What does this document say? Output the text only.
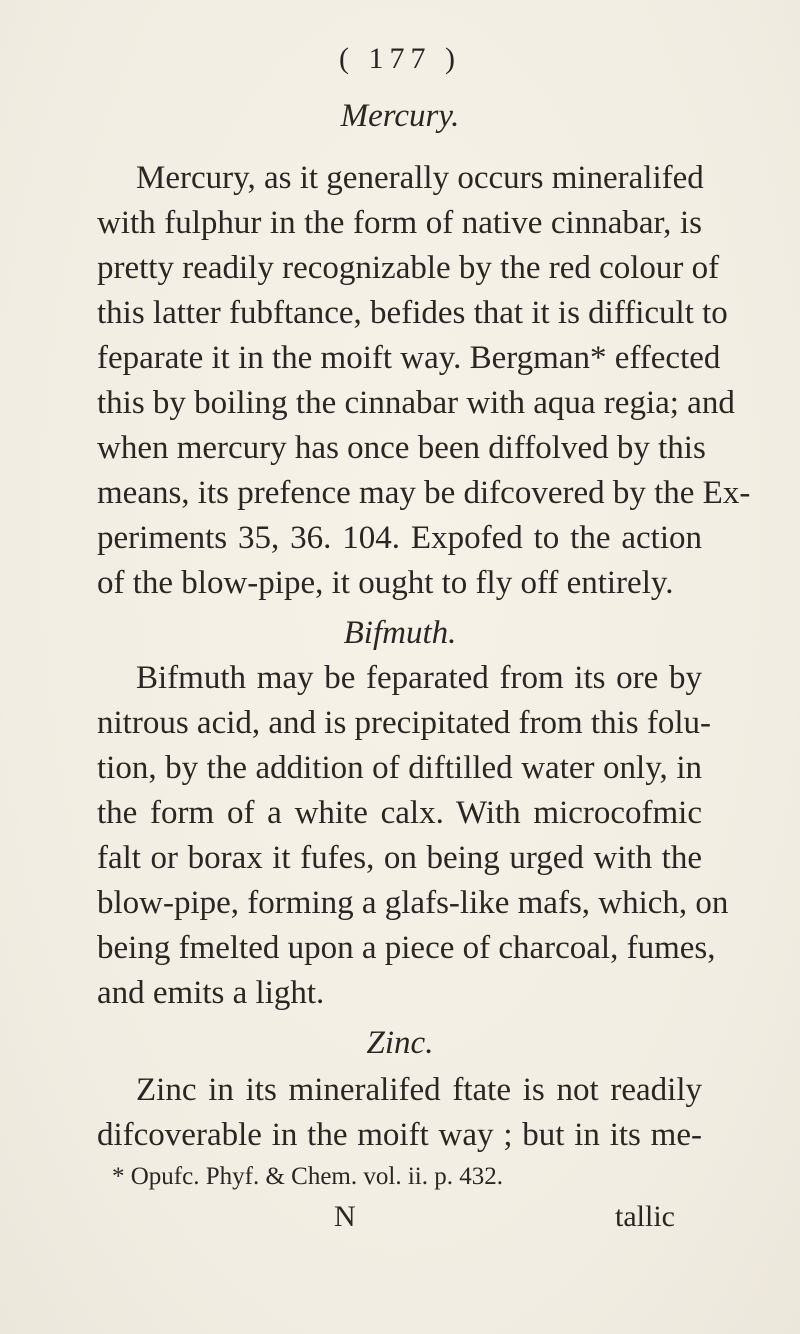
( 177 )
Mercury.
Mercury, as it generally occurs mineralifed
with fulphur in the form of native cinnabar, is
pretty readily recognizable by the red colour of
this latter fubftance, befides that it is difficult to
feparate it in the moift way. Bergman* effected
this by boiling the cinnabar with aqua regia; and
when mercury has once been diffolved by this
means, its prefence may be difcovered by the Ex-
periments 35, 36. 104. Expofed to the action
of the blow-pipe, it ought to fly off entirely.
Bifmuth.
Bifmuth may be feparated from its ore by
nitrous acid, and is precipitated from this folu-
tion, by the addition of diftilled water only, in
the form of a white calx. With microcofmic
falt or borax it fufes, on being urged with the
blow-pipe, forming a glafs-like mafs, which, on
being fmelted upon a piece of charcoal, fumes,
and emits a light.
Zinc.
Zinc in its mineralifed ftate is not readily
difcoverable in the moift way ; but in its me-
* Opufc. Phyf. & Chem. vol. ii. p. 432.
N	tallic
